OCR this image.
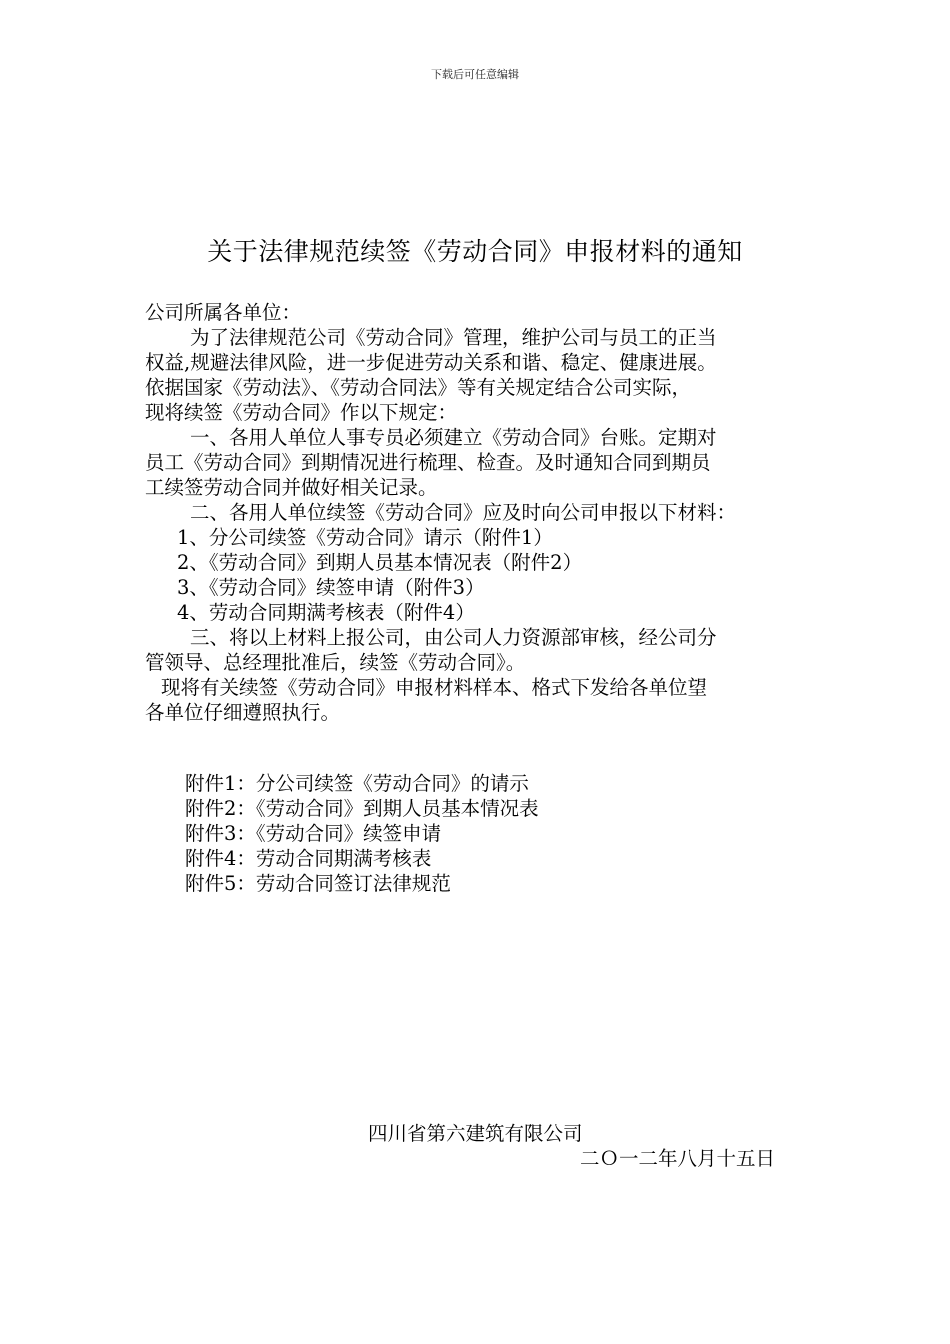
下载后可任意编辑
关于法律规范续签《劳动合同》申报材料的通知
公司所属各单位：
为了法律规范公司《劳动合同》管理，维护公司与员工的正当
权益,规避法律风险，进一步促进劳动关系和谐、稳定、健康进展。
依据国家《劳动法》、《劳动合同法》等有关规定结合公司实际，
现将续签《劳动合同》作以下规定：
一、各用人单位人事专员必须建立《劳动合同》台账。定期对
员工《劳动合同》到期情况进行梳理、检查。及时通知合同到期员
工续签劳动合同并做好相关记录。
二、各用人单位续签《劳动合同》应及时向公司申报以下材料：
1、分公司续签《劳动合同》请示（附件1）
2、《劳动合同》到期人员基本情况表（附件2）
3、《劳动合同》续签申请（附件3）
4、劳动合同期满考核表（附件4）
三、将以上材料上报公司，由公司人力资源部审核，经公司分
管领导、总经理批准后，续签《劳动合同》。
现将有关续签《劳动合同》申报材料样本、格式下发给各单位望
各单位仔细遵照执行。
附件1：分公司续签《劳动合同》的请示
附件2：《劳动合同》到期人员基本情况表
附件3：《劳动合同》续签申请
附件4：劳动合同期满考核表
附件5：劳动合同签订法律规范
四川省第六建筑有限公司
二Ｏ一二年八月十五日
